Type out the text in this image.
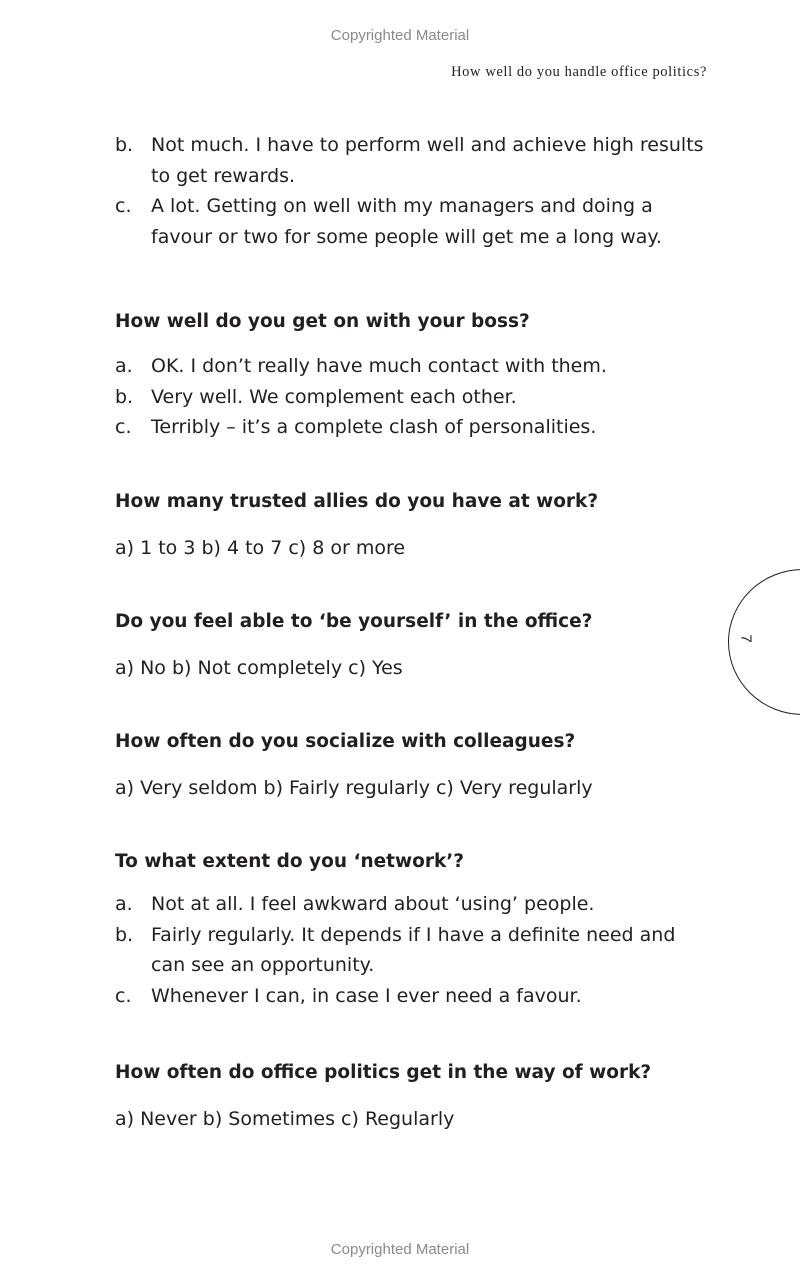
Copyrighted Material
How well do you handle office politics?
7
b. Not much. I have to perform well and achieve high results to get rewards.
c.	A lot. Getting on well with my managers and doing a favour or two for some people will get me a long way.

How well do you get on with your boss?

a. OK. I don’t really have much contact with them.
b. Very well. We complement each other.
c.	Terribly – it’s a complete clash of personalities.

How many trusted allies do you have at work?

a) 1 to 3 b) 4 to 7 c) 8 or more

Do you feel able to ‘be yourself’ in the office?

a) No b) Not completely c) Yes

How often do you socialize with colleagues?

a) Very seldom b) Fairly regularly c) Very regularly

To what extent do you ‘network’?

a. Not at all. I feel awkward about ‘using’ people.
b. Fairly regularly. It depends if I have a definite need and can see an opportunity.
c.	Whenever I can, in case I ever need a favour.

How often do office politics get in the way of work?

a) Never b) Sometimes c) Regularly

Copyrighted Material
